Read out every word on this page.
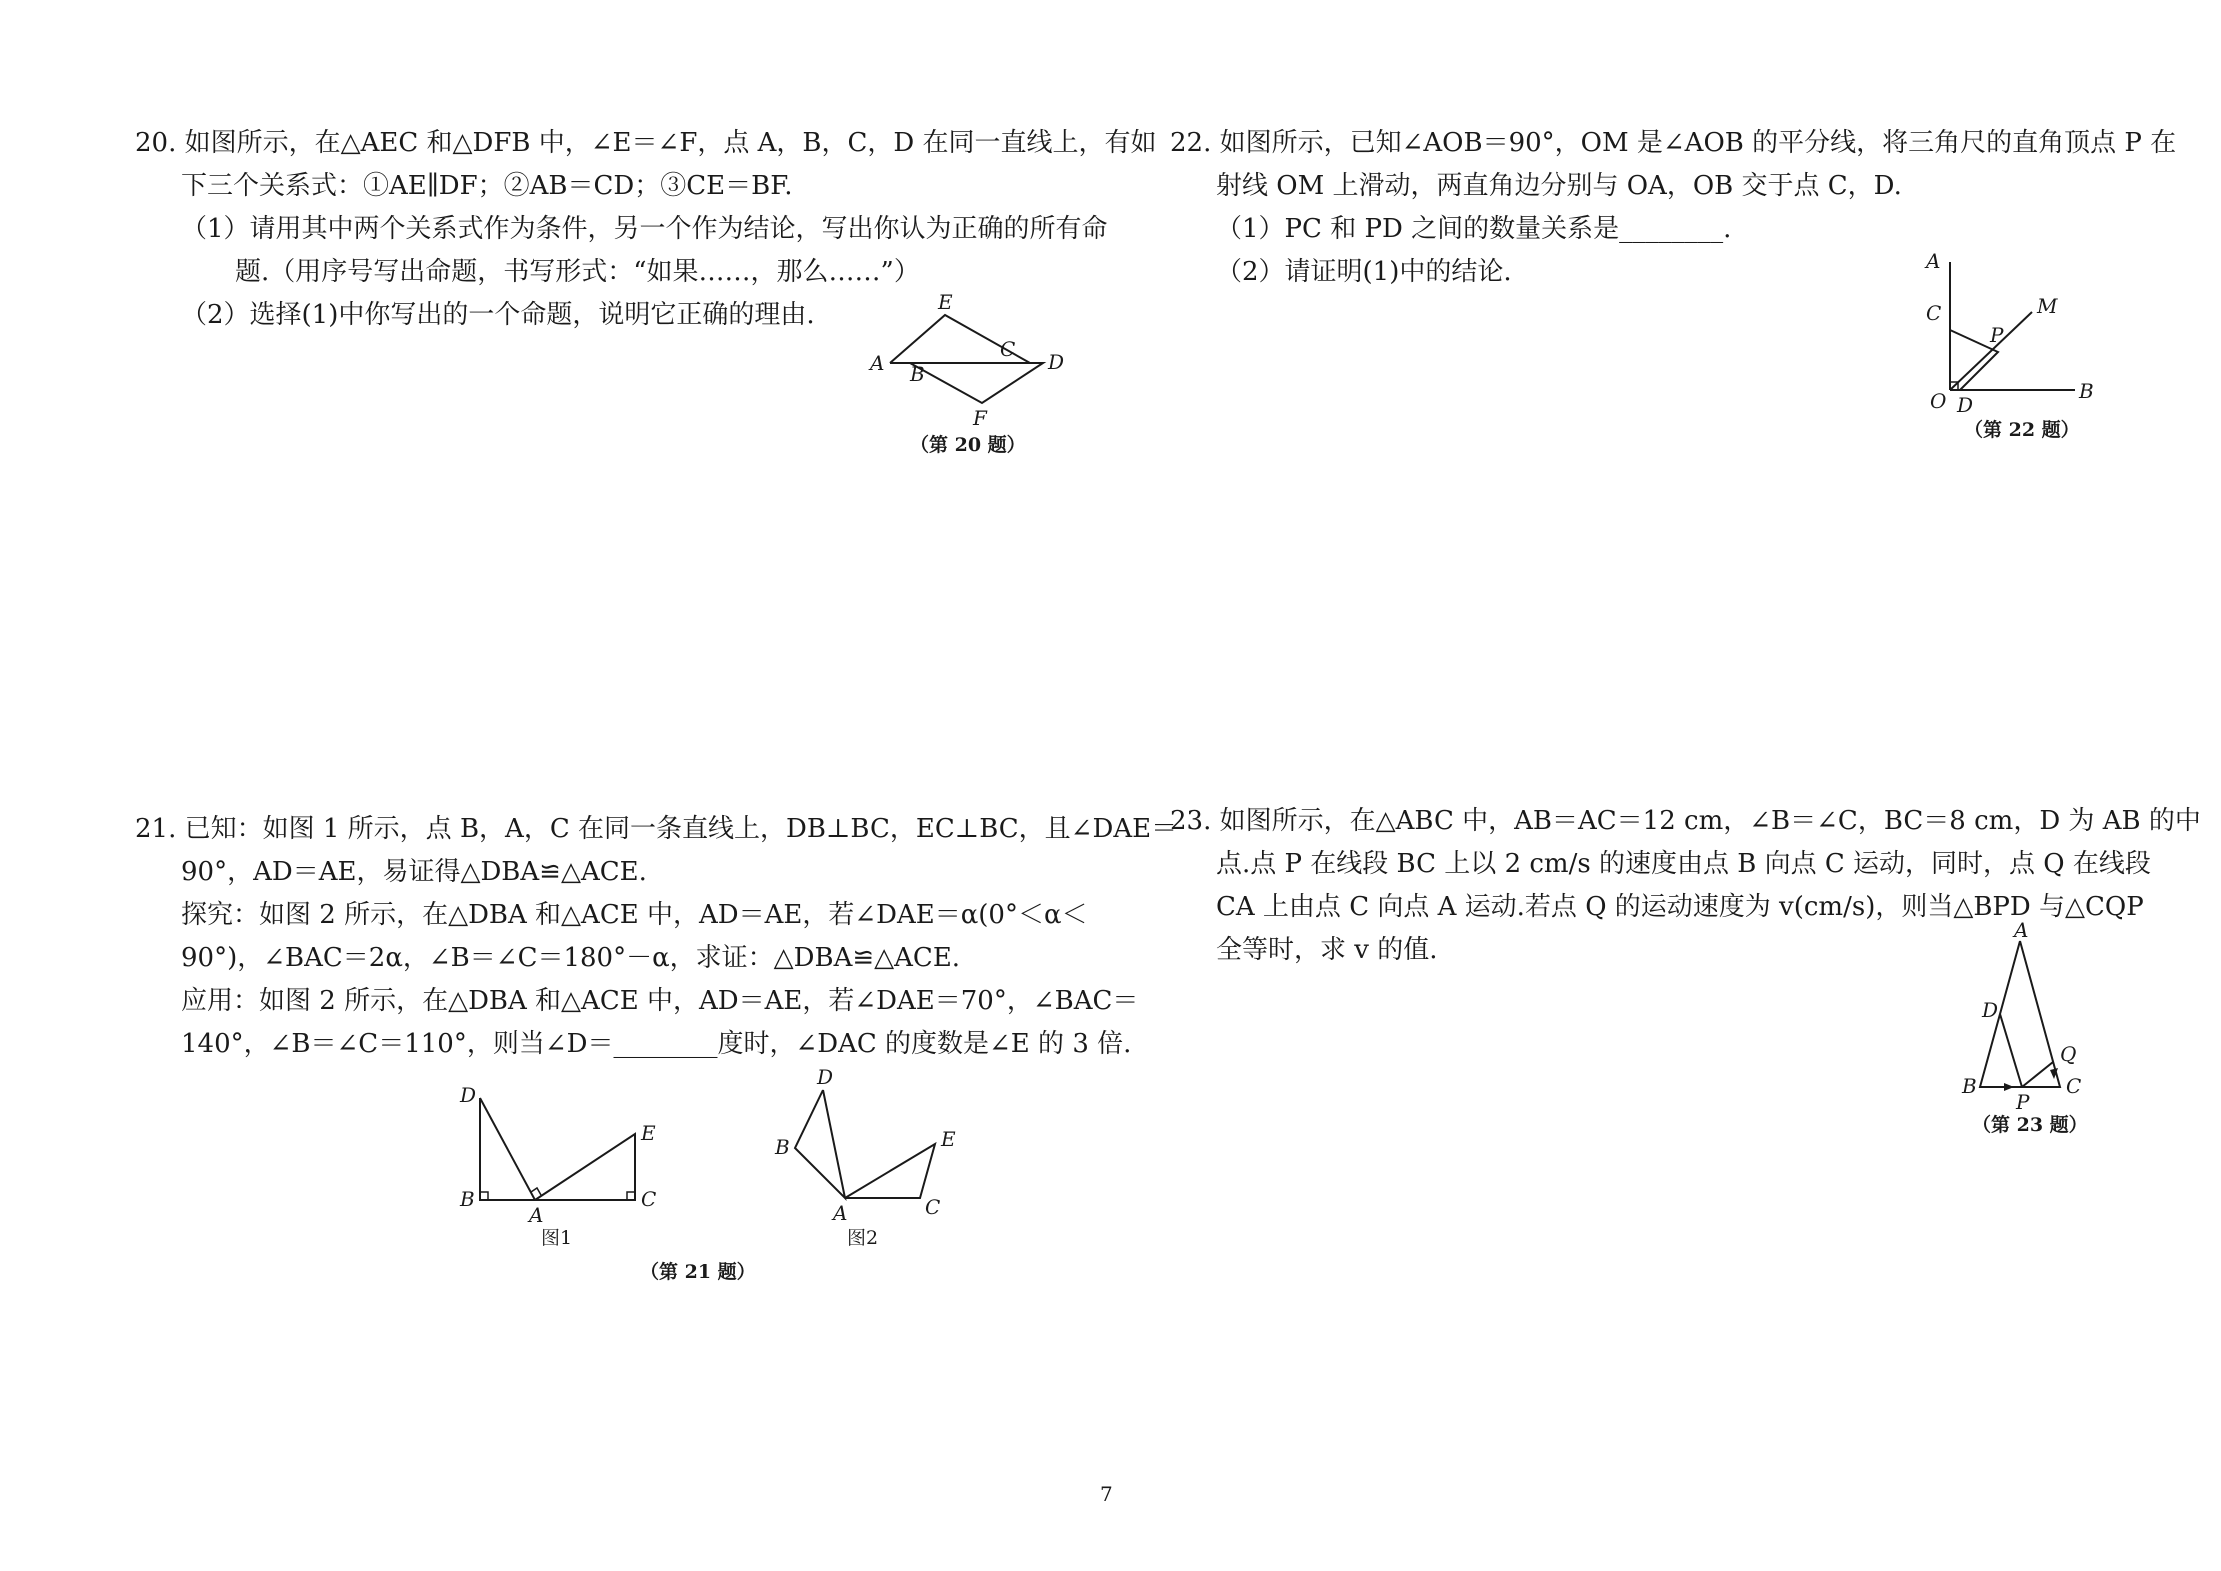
20. 如图所示，在△AEC 和△DFB 中，∠E＝∠F，点 A，B，C，D 在同一直线上，有如
下三个关系式：①AE∥DF；②AB＝CD；③CE＝BF.
（1）请用其中两个关系式作为条件，另一个作为结论，写出你认为正确的所有命
题.（用序号写出命题，书写形式：“如果……，那么……”）
（2）选择(1)中你写出的一个命题，说明它正确的理由.	E
A B
C
D
F
（第 20 题）
22. 如图所示，已知∠AOB＝90°，OM 是∠AOB 的平分线，将三角尺的直角顶点 P 在
射线 OM 上滑动，两直角边分别与 OA，OB 交于点 C，D.
（1）PC 和 PD 之间的数量关系是________.
（2）请证明(1)中的结论.	A
C	M
P
O D
B
（第 22 题）
21. 已知：如图 1 所示，点 B，A，C 在同一条直线上，DB⊥BC，EC⊥BC，且∠DAE＝
90°，AD＝AE，易证得△DBA≌△ACE.
探究：如图 2 所示，在△DBA 和△ACE 中，AD＝AE，若∠DAE＝α(0°＜α＜
90°)，∠BAC＝2α，∠B＝∠C＝180°－α，求证：△DBA≌△ACE.
应用：如图 2 所示，在△DBA 和△ACE 中，AD＝AE，若∠DAE＝70°，∠BAC＝
140°，∠B＝∠C＝110°，则当∠D＝________度时，∠DAC 的度数是∠E 的 3 倍.
D
E
B
A
C
图1
D
B	E
A	C
图2
（第 21 题）
23. 如图所示，在△ABC 中，AB＝AC＝12 cm，∠B＝∠C，BC＝8 cm，D 为 AB 的中
点.点 P 在线段 BC 上以 2 cm/s 的速度由点 B 向点 C 运动，同时，点 Q 在线段
CA 上由点 C 向点 A 运动.若点 Q 的运动速度为 v(cm/s)，则当△BPD 与△CQP
全等时，求 v 的值.
A
D
Q
B
P
C
（第 23 题）
7
